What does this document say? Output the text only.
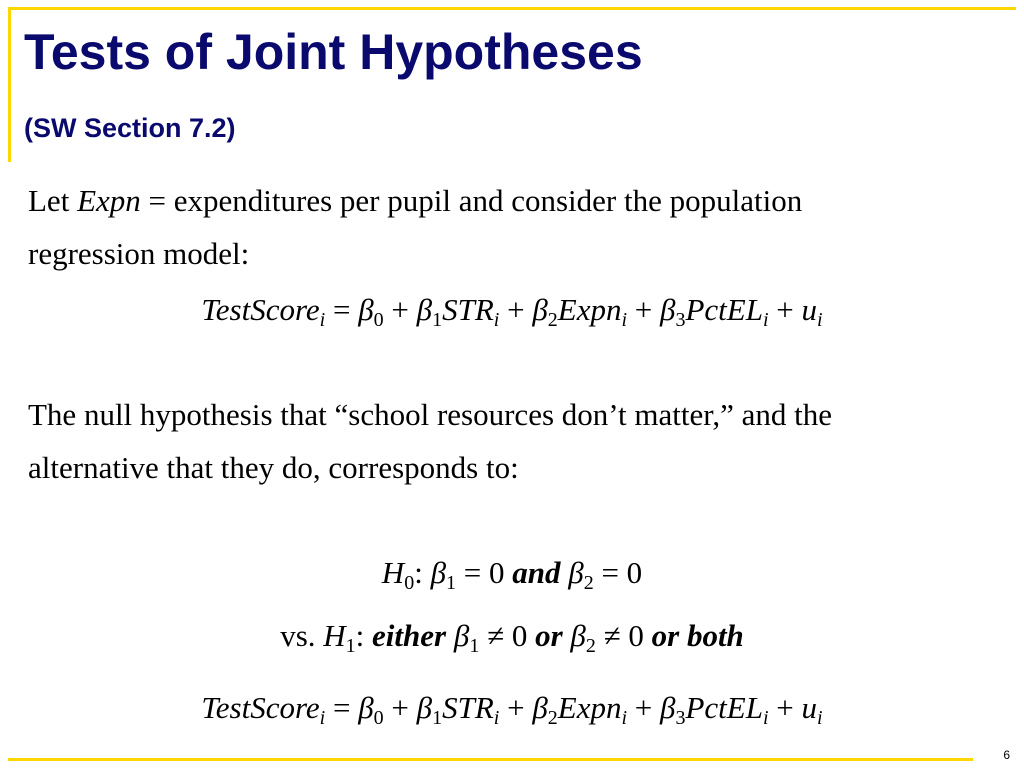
Tests of Joint Hypotheses
(SW Section 7.2)

Let Expn = expenditures per pupil and consider the population

regression model:

TestScore$_i$ = $\beta_0 + \beta_1STR_i$ + $\beta_2Expn_i$ + $\beta_3PctEL_i + u_i$

The null hypothesis that “school resources don’t matter,” and the

alternative that they do, corresponds to:

$H_0$: $\beta_1 = 0$ and $\beta_2 = 0$

vs. $H_1$: either $\beta_1 \ne 0$ or $\beta_2 \ne 0$ or both

TestScore$_i$ = $\beta_0 + \beta_1STR_i$ + $\beta_2Expn_i$ + $\beta_3PctEL_i + u_i$

6
